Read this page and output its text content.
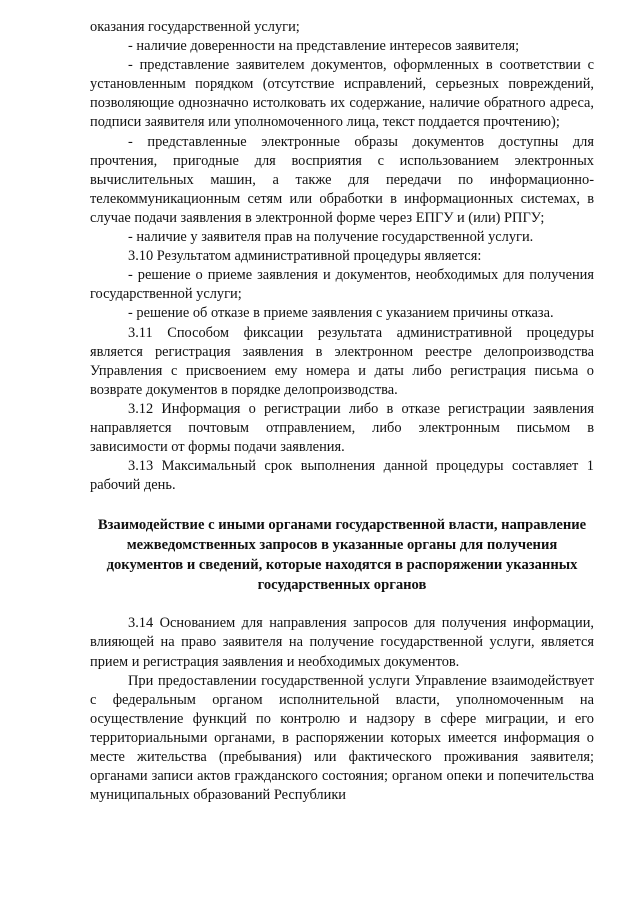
оказания государственной услуги;

- наличие доверенности на представление интересов заявителя;

- представление заявителем документов, оформленных в соответствии с установленным порядком (отсутствие исправлений, серьезных повреждений, позволяющие однозначно истолковать их содержание, наличие обратного адреса, подписи заявителя или уполномоченного лица, текст поддается прочтению);

- представленные электронные образы документов доступны для прочтения, пригодные для восприятия с использованием электронных вычислительных машин, а также для передачи по информационно-телекоммуникационным сетям или обработки в информационных системах, в случае подачи заявления в электронной форме через ЕПГУ и (или) РПГУ;

- наличие у заявителя прав на получение государственной услуги.

3.10 Результатом административной процедуры является:

- решение о приеме заявления и документов, необходимых для получения государственной услуги;

- решение об отказе в приеме заявления с указанием причины отказа.

3.11 Способом фиксации результата административной процедуры является регистрация заявления в электронном реестре делопроизводства Управления с присвоением ему номера и даты либо регистрация письма о возврате документов в порядке делопроизводства.

3.12 Информация о регистрации либо в отказе регистрации заявления направляется почтовым отправлением, либо электронным письмом в зависимости от формы подачи заявления.

3.13 Максимальный срок выполнения данной процедуры составляет 1 рабочий день.

Взаимодействие с иными органами государственной власти, направление межведомственных запросов в указанные органы для получения документов и сведений, которые находятся в распоряжении указанных государственных органов

3.14 Основанием для направления запросов для получения информации, влияющей на право заявителя на получение государственной услуги, является прием и регистрация заявления и необходимых документов.

При предоставлении государственной услуги Управление взаимодействует с федеральным органом исполнительной власти, уполномоченным на осуществление функций по контролю и надзору в сфере миграции, и его территориальными органами, в распоряжении которых имеется информация о месте жительства (пребывания) или фактического проживания заявителя; органами записи актов гражданского состояния; органом опеки и попечительства муниципальных образований Республики
